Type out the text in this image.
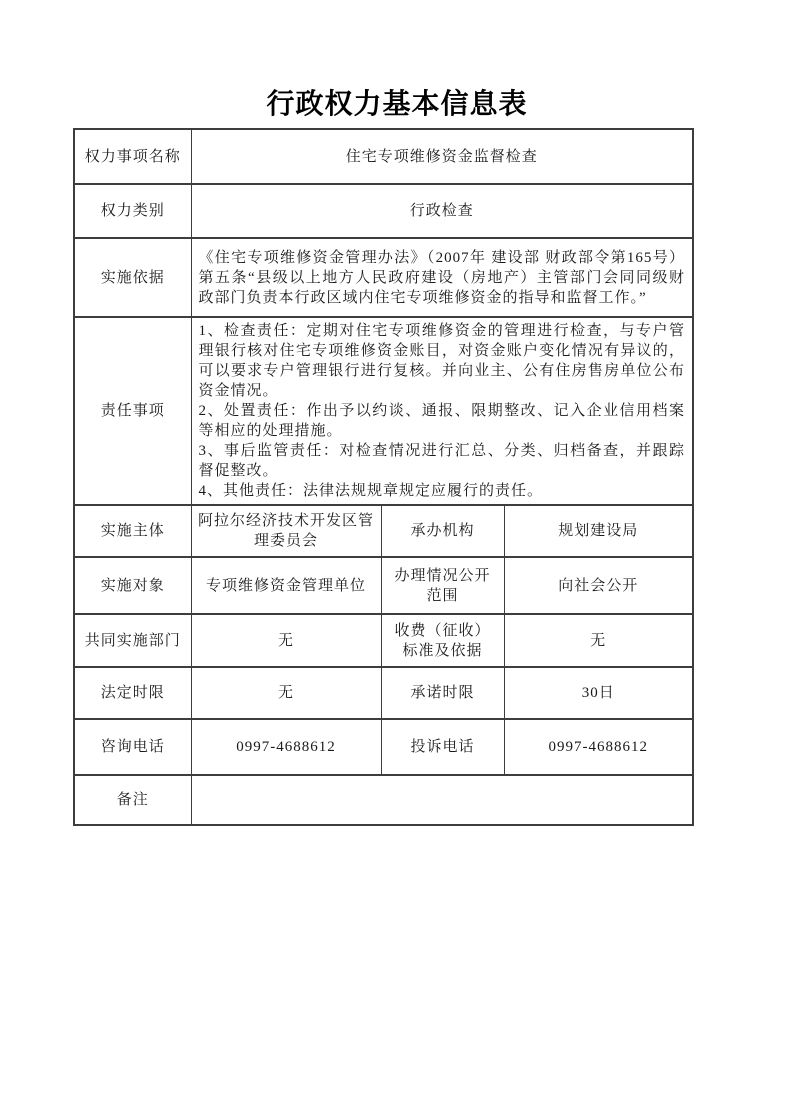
行政权力基本信息表
权力事项名称	住宅专项维修资金监督检查		
权力类别	行政检查		
实施依据	《住宅专项维修资金管理办法》（2007年 建设部 财政部令第165号）第五条“县级以上地方人民政府建设（房地产）主管部门会同同级财政部门负责本行政区域内住宅专项维修资金的指导和监督工作。”		
责任事项	1、检查责任：定期对住宅专项维修资金的管理进行检查，与专户管理银行核对住宅专项维修资金账目，对资金账户变化情况有异议的，可以要求专户管理银行进行复核。并向业主、公有住房售房单位公布资金情况。
2、处置责任：作出予以约谈、通报、限期整改、记入企业信用档案等相应的处理措施。
3、事后监管责任：对检查情况进行汇总、分类、归档备查，并跟踪督促整改。
4、其他责任：法律法规规章规定应履行的责任。		

实施主体	阿拉尔经济技术开发区管理委员会	承办机构	规划建设局
实施对象	专项维修资金管理单位	办理情况公开范围	向社会公开
共同实施部门	无	收费（征收）标准及依据	无
法定时限	无	承诺时限	30日
咨询电话	0997-4688612	投诉电话	0997-4688612
备注			
